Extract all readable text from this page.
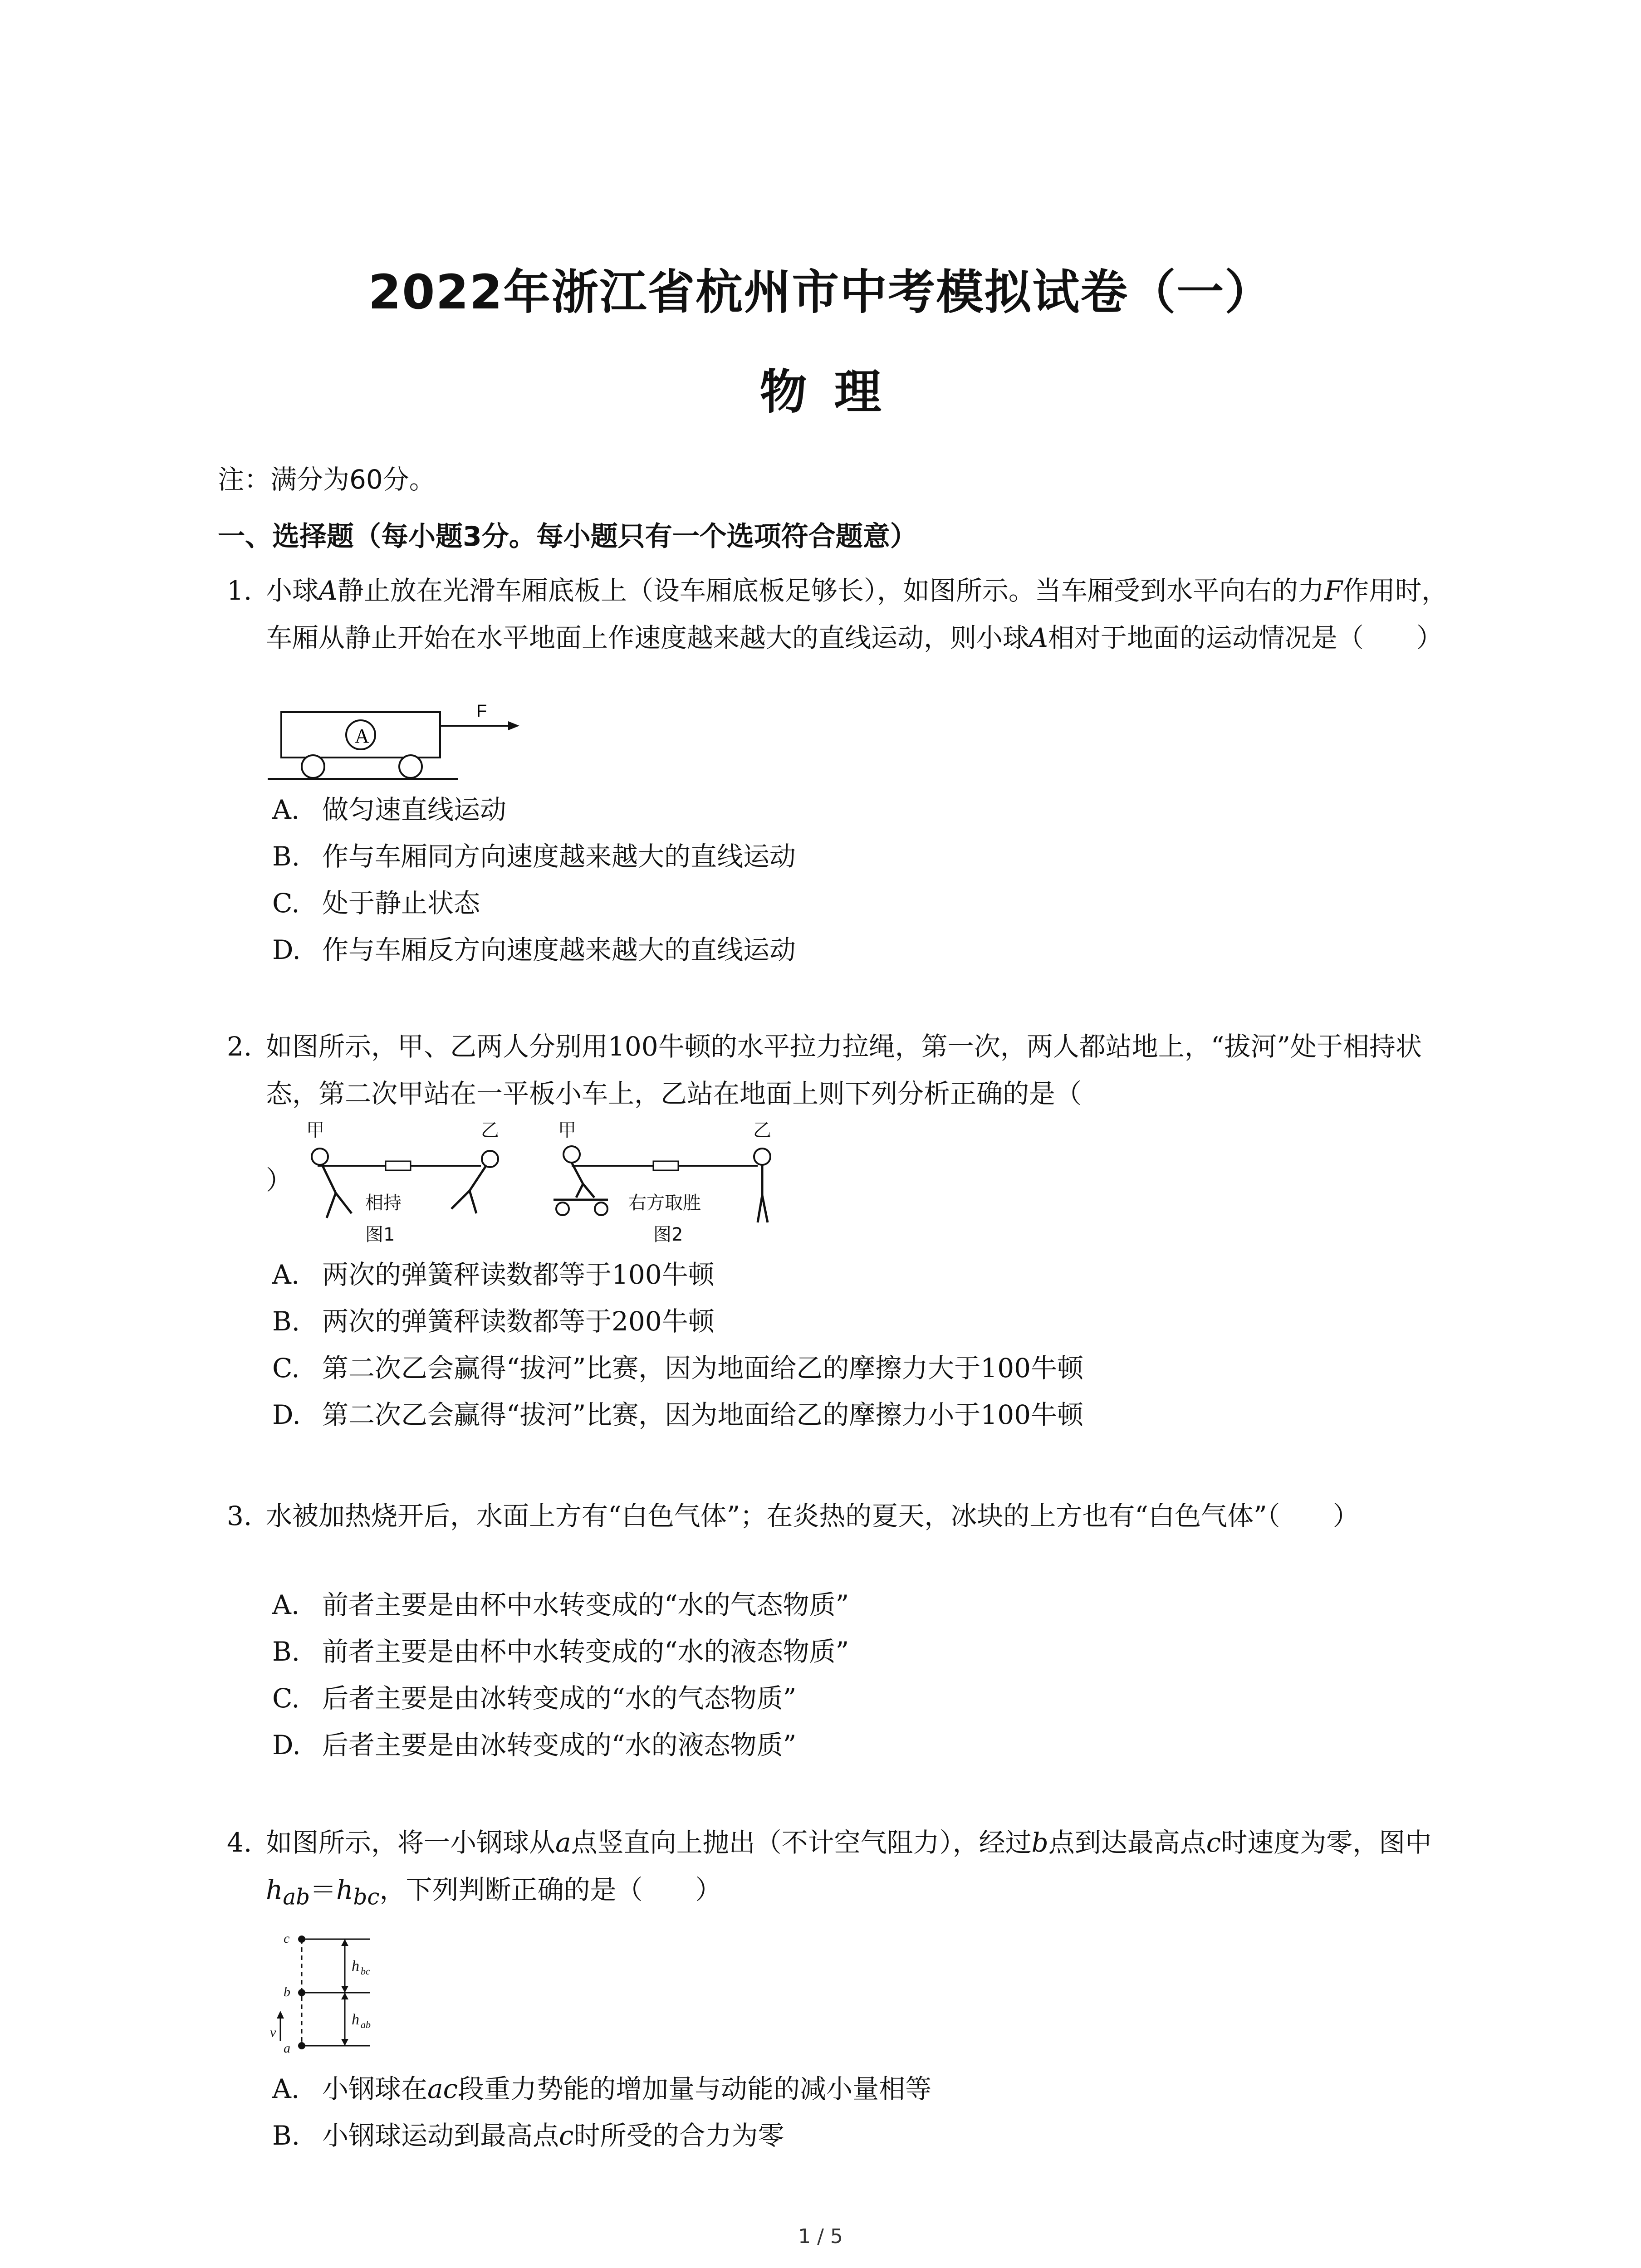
2022年浙江省杭州市中考模拟试卷（一）
物理
注：满分为60分。
一、选择题（每小题3分。每小题只有一个选项符合题意）
1. 小球A静止放在光滑车厢底板上（设车厢底板足够长），如图所示。当车厢受到水平向右的力F作用时，车厢从静止开始在水平地面上作速度越来越大的直线运动，则小球A相对于地面的运动情况是（　　）
A
F
A. 做匀速直线运动
B. 作与车厢同方向速度越来越大的直线运动
C. 处于静止状态
D. 作与车厢反方向速度越来越大的直线运动
2. 如图所示，甲、乙两人分别用100牛顿的水平拉力拉绳，第一次，两人都站地上，“拔河”处于相持状态，第二次甲站在一平板小车上，乙站在地面上则下列分析正确的是（
）
甲	乙
相持
图1
甲	乙
右方取胜
图2
A. 两次的弹簧秤读数都等于100牛顿
B. 两次的弹簧秤读数都等于200牛顿
C. 第二次乙会赢得“拔河”比赛，因为地面给乙的摩擦力大于100牛顿
D. 第二次乙会赢得“拔河”比赛，因为地面给乙的摩擦力小于100牛顿
3. 水被加热烧开后，水面上方有“白色气体”；在炎热的夏天，冰块的上方也有“白色气体”（　　）
A. 前者主要是由杯中水转变成的“水的气态物质”
B. 前者主要是由杯中水转变成的“水的液态物质”
C. 后者主要是由冰转变成的“水的气态物质”
D. 后者主要是由冰转变成的“水的液态物质”
4. 如图所示，将一小钢球从a点竖直向上抛出（不计空气阻力），经过b点到达最高点c时速度为零，图中$h_{ab}=h_{bc}$，下列判断正确的是（　　）
c
b
a
v
h bc
h ab
A. 小钢球在ac段重力势能的增加量与动能的减小量相等
B. 小钢球运动到最高点c时所受的合力为零
1 / 5
